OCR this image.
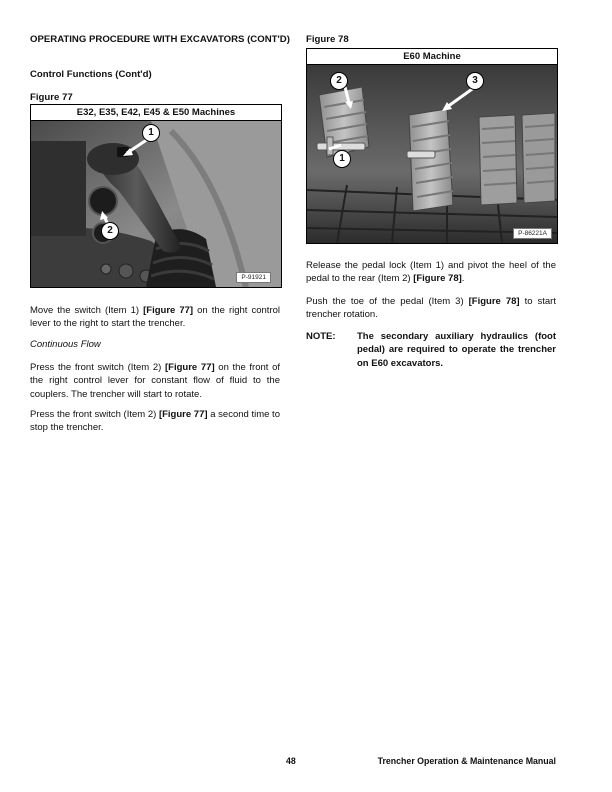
OPERATING PROCEDURE WITH EXCAVATORS (CONT'D)
Control Functions (Cont'd)
Figure 77
E32, E35, E42, E45 & E50 Machines
1
2
P-91921
Move the switch (Item 1) [Figure 77] on the right control lever to the right to start the trencher.
Continuous Flow
Press the front switch (Item 2) [Figure 77] on the front of the right control lever for constant flow of fluid to the couplers. The trencher will start to rotate.
Press the front switch (Item 2) [Figure 77] a second time to stop the trencher.
Figure 78
E60 Machine
2	3
1
P-86221A
Release the pedal lock (Item 1) and pivot the heel of the pedal to the rear (Item 2) [Figure 78].
Push the toe of the pedal (Item 3) [Figure 78] to start trencher rotation.
NOTE: The secondary auxiliary hydraulics (foot pedal) are required to operate the trencher on E60 excavators.
48	Trencher Operation & Maintenance Manual
